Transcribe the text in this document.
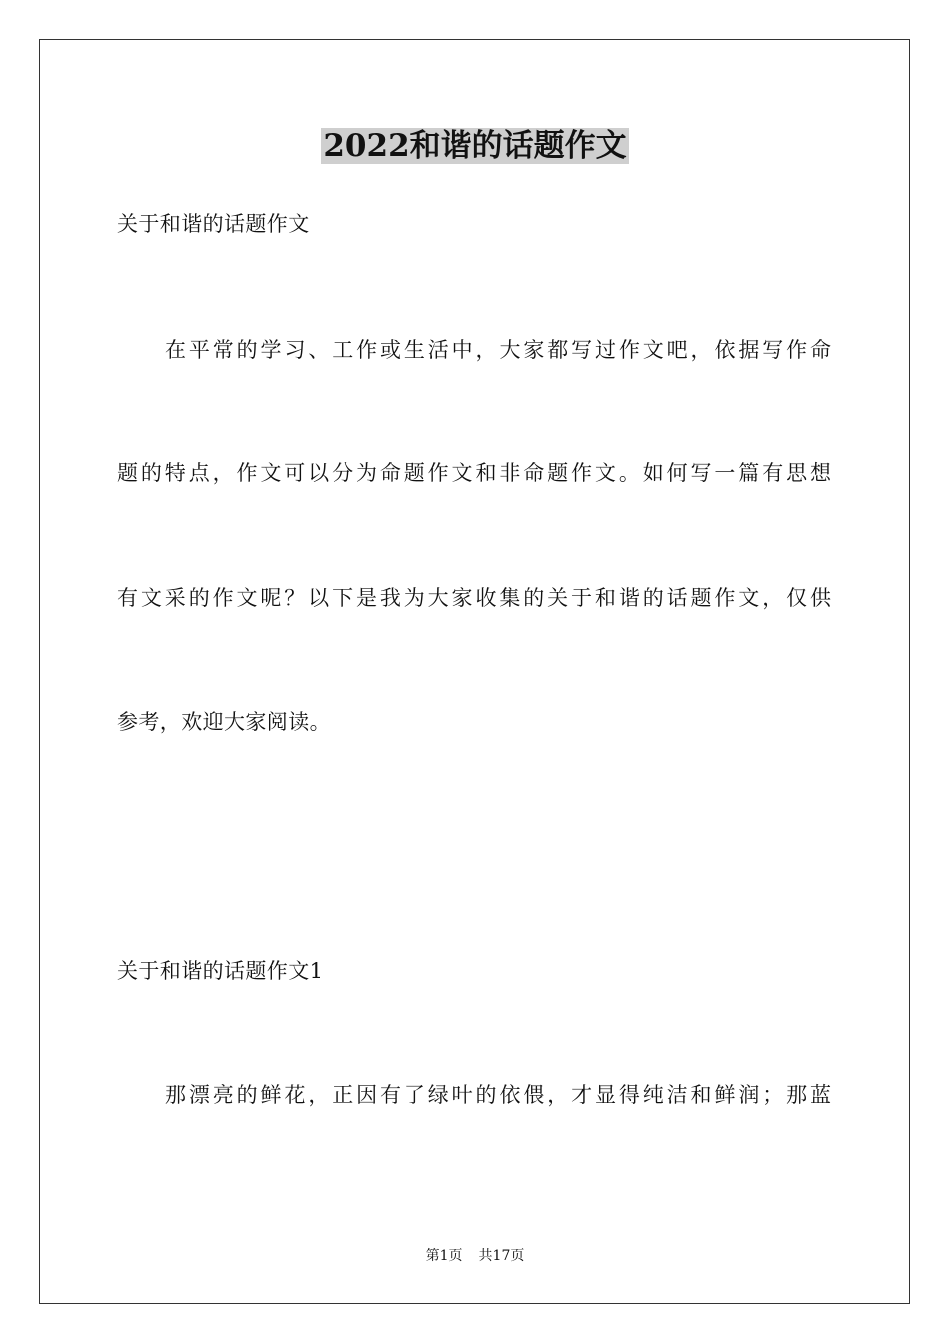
2022和谐的话题作文
关于和谐的话题作文
在平常的学习、工作或生活中，大家都写过作文吧，依据写作命
题的特点，作文可以分为命题作文和非命题作文。如何写一篇有思想
有文采的作文呢？以下是我为大家收集的关于和谐的话题作文，仅供
参考，欢迎大家阅读。
关于和谐的话题作文1
那漂亮的鲜花，正因有了绿叶的依偎，才显得纯洁和鲜润；那蓝
第1页 共17页
